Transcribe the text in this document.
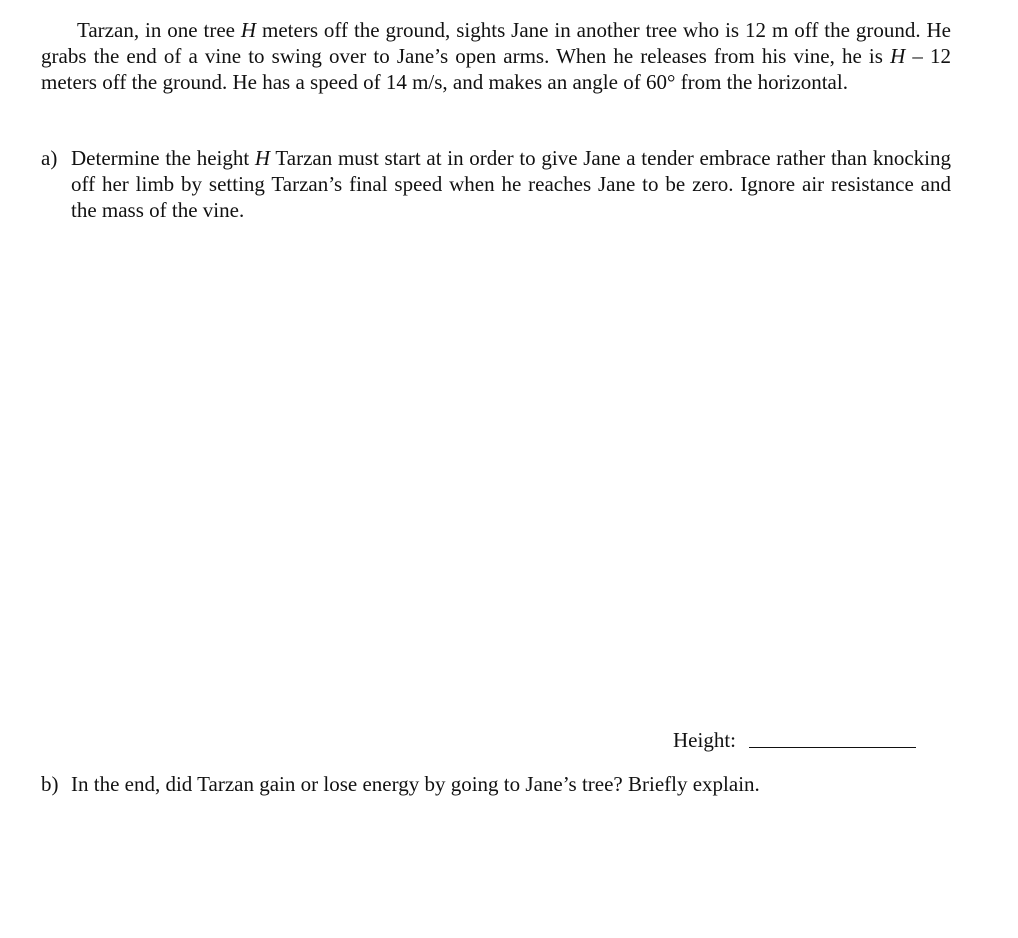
Tarzan, in one tree H meters off the ground, sights Jane in another tree who is 12 m off the ground. He grabs the end of a vine to swing over to Jane’s open arms. When he releases from his vine, he is H – 12 meters off the ground. He has a speed of 14 m/s, and makes an angle of 60° from the horizontal.

a) Determine the height H Tarzan must start at in order to give Jane a tender embrace rather than knocking off her limb by setting Tarzan’s final speed when he reaches Jane to be zero. Ignore air resistance and the mass of the vine.
Height:
b) In the end, did Tarzan gain or lose energy by going to Jane’s tree? Briefly explain.
